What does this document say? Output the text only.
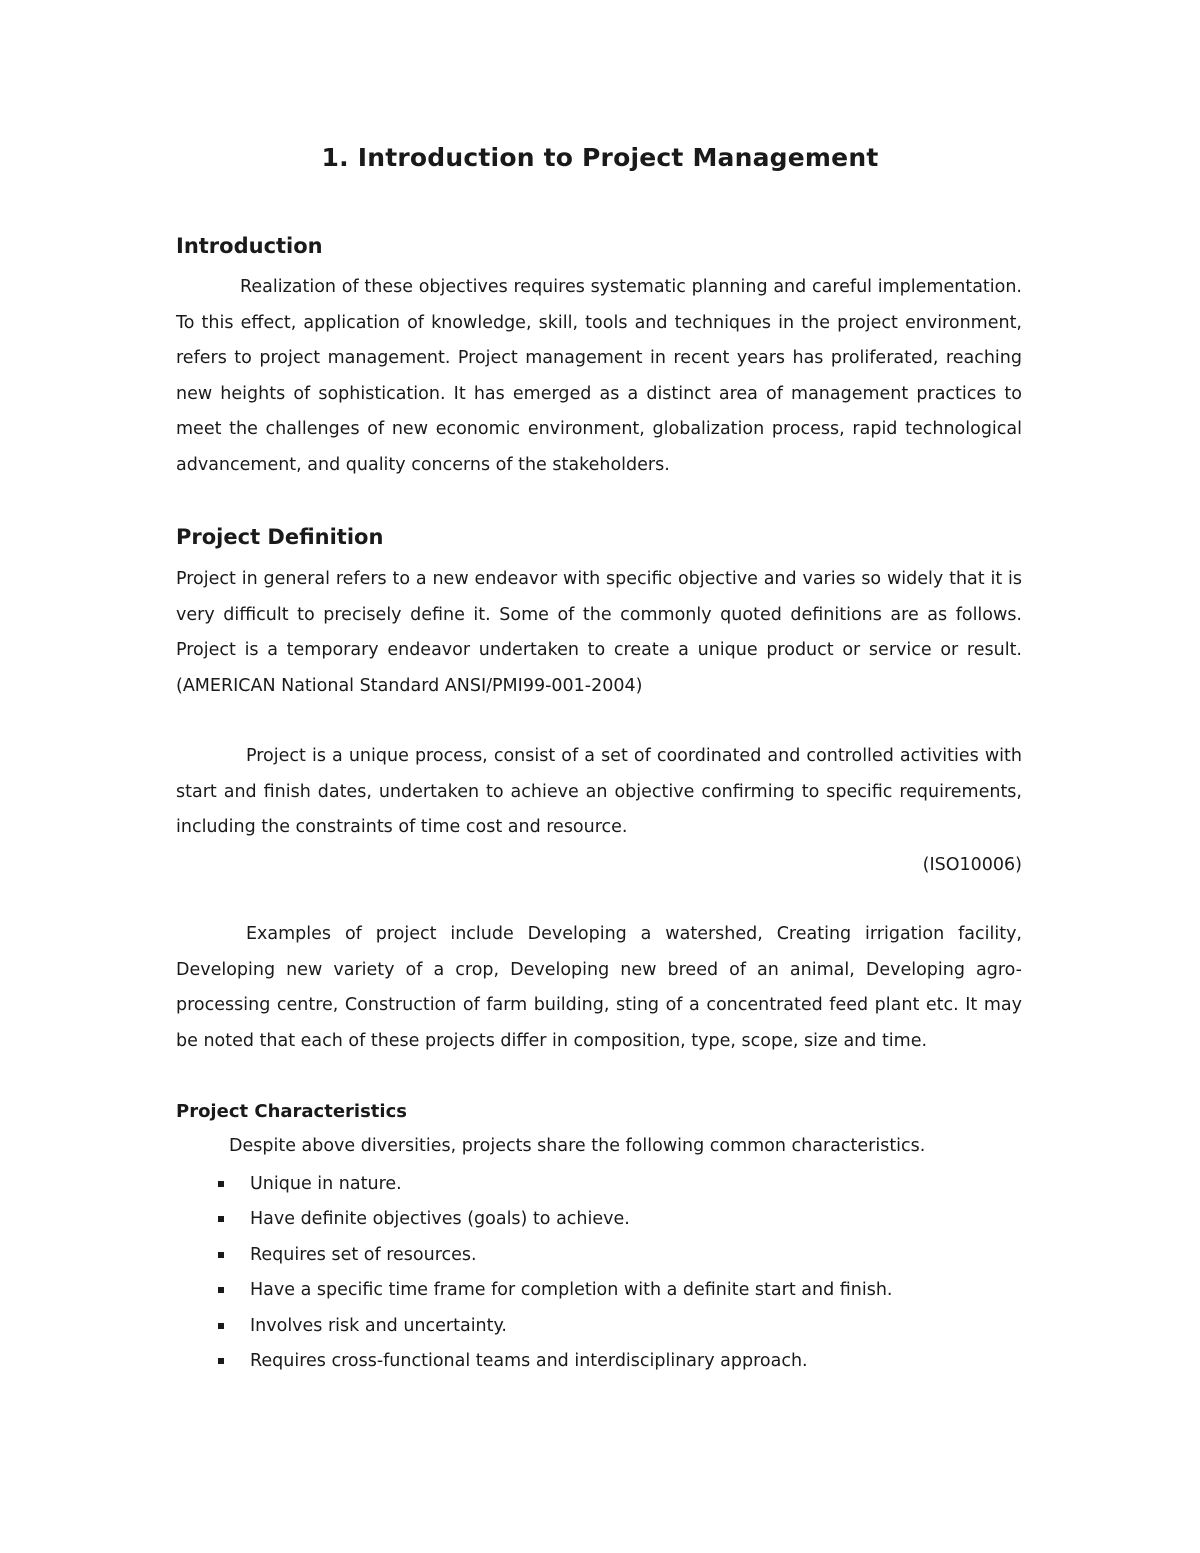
1. Introduction to Project Management
Introduction

Realization of these objectives requires systematic planning and careful implementation. To this effect, application of knowledge, skill, tools and techniques in the project environment, refers to project management. Project management in recent years has proliferated, reaching new heights of sophistication. It has emerged as a distinct area of management practices to meet the challenges of new economic environment, globalization process, rapid technological advancement, and quality concerns of the stakeholders.

Project Definition

Project in general refers to a new endeavor with specific objective and varies so widely that it is very difficult to precisely define it. Some of the commonly quoted definitions are as follows. Project is a temporary endeavor undertaken to create a unique product or service or result. (AMERICAN National Standard ANSI/PMI99-001-2004)

Project is a unique process, consist of a set of coordinated and controlled activities with start and finish dates, undertaken to achieve an objective confirming to specific requirements, including the constraints of time cost and resource.

(ISO10006)

Examples of project include Developing a watershed, Creating irrigation facility, Developing new variety of a crop, Developing new breed of an animal, Developing agro-processing centre, Construction of farm building, sting of a concentrated feed plant etc. It may be noted that each of these projects differ in composition, type, scope, size and time.

Project Characteristics

Despite above diversities, projects share the following common characteristics.

Unique in nature.
Have definite objectives (goals) to achieve.
Requires set of resources.
Have a specific time frame for completion with a definite start and finish.
Involves risk and uncertainty.
Requires cross-functional teams and interdisciplinary approach.
